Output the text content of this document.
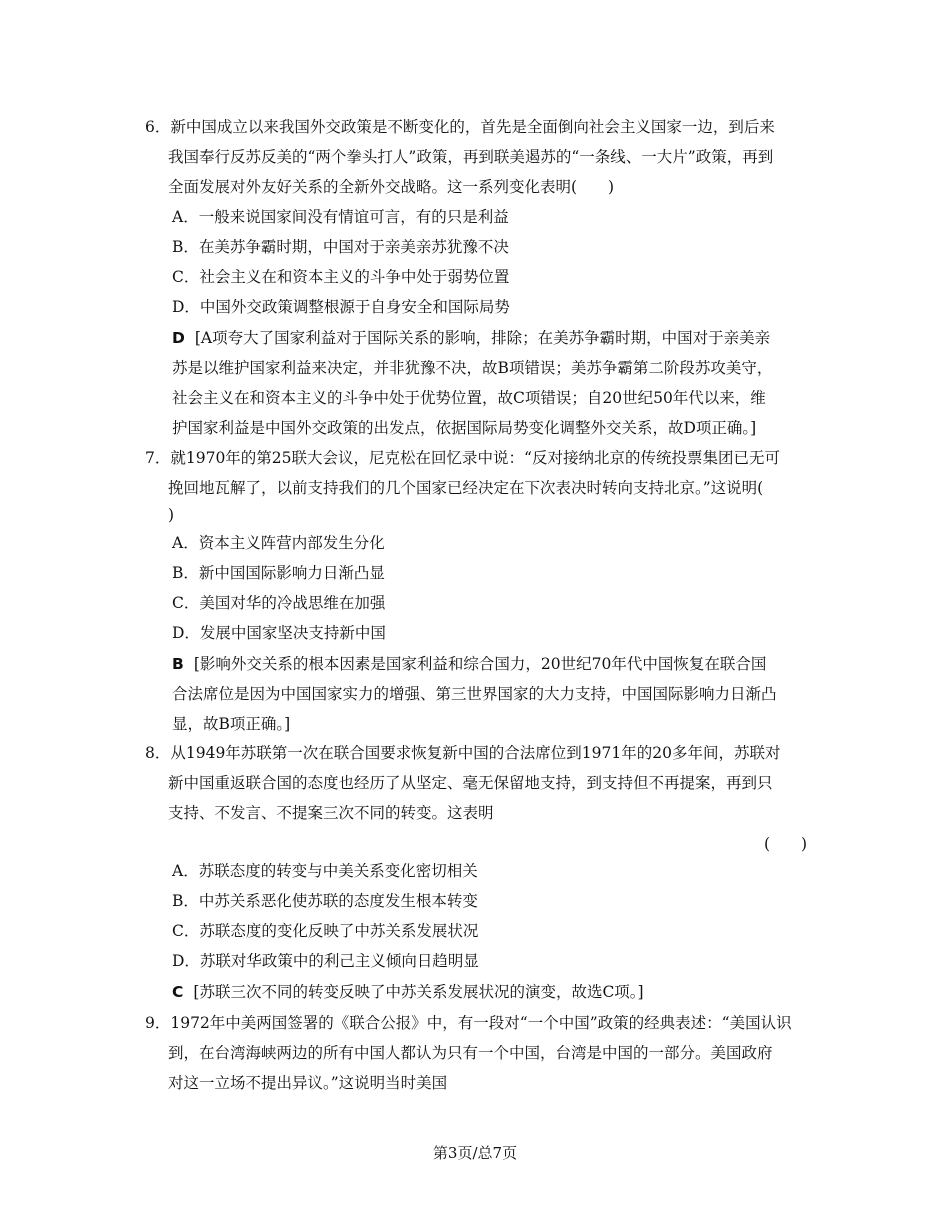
6．新中国成立以来我国外交政策是不断变化的，首先是全面倒向社会主义国家一边，到后来
我国奉行反苏反美的“两个拳头打人”政策，再到联美遏苏的“一条线、一大片”政策，再到
全面发展对外友好关系的全新外交战略。这一系列变化表明(　　)
A．一般来说国家间没有情谊可言，有的只是利益
B．在美苏争霸时期，中国对于亲美亲苏犹豫不决
C．社会主义在和资本主义的斗争中处于弱势位置
D．中国外交政策调整根源于自身安全和国际局势
D [A项夸大了国家利益对于国际关系的影响，排除；在美苏争霸时期，中国对于亲美亲
苏是以维护国家利益来决定，并非犹豫不决，故B项错误；美苏争霸第二阶段苏攻美守，
社会主义在和资本主义的斗争中处于优势位置，故C项错误；自20世纪50年代以来，维
护国家利益是中国外交政策的出发点，依据国际局势变化调整外交关系，故D项正确。]
7．就1970年的第25联大会议，尼克松在回忆录中说：“反对接纳北京的传统投票集团已无可
挽回地瓦解了，以前支持我们的几个国家已经决定在下次表决时转向支持北京。”这说明(
)
A．资本主义阵营内部发生分化
B．新中国国际影响力日渐凸显
C．美国对华的冷战思维在加强
D．发展中国家坚决支持新中国
B [影响外交关系的根本因素是国家利益和综合国力，20世纪70年代中国恢复在联合国
合法席位是因为中国国家实力的增强、第三世界国家的大力支持，中国国际影响力日渐凸
显，故B项正确。]
8．从1949年苏联第一次在联合国要求恢复新中国的合法席位到1971年的20多年间，苏联对
新中国重返联合国的态度也经历了从坚定、毫无保留地支持，到支持但不再提案，再到只
支持、不发言、不提案三次不同的转变。这表明
(　　)
A．苏联态度的转变与中美关系变化密切相关
B．中苏关系恶化使苏联的态度发生根本转变
C．苏联态度的变化反映了中苏关系发展状况
D．苏联对华政策中的利己主义倾向日趋明显
C [苏联三次不同的转变反映了中苏关系发展状况的演变，故选C项。]
9．1972年中美两国签署的《联合公报》中，有一段对“一个中国”政策的经典表述：“美国认识
到，在台湾海峡两边的所有中国人都认为只有一个中国，台湾是中国的一部分。美国政府
对这一立场不提出异议。”这说明当时美国
第3页/总7页
